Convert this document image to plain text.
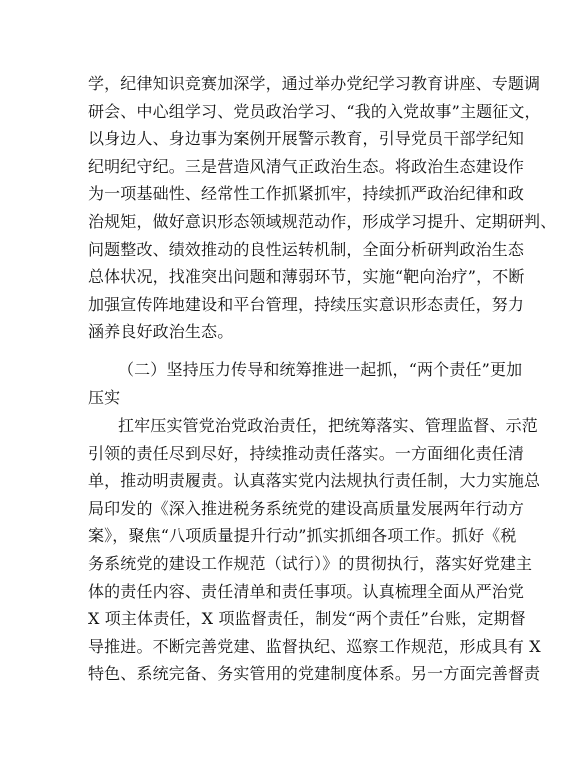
学，纪律知识竞赛加深学，通过举办党纪学习教育讲座、专题调
研会、中心组学习、党员政治学习、“我的入党故事”主题征文，
以身边人、身边事为案例开展警示教育，引导党员干部学纪知
纪明纪守纪。三是营造风清气正政治生态。将政治生态建设作
为一项基础性、经常性工作抓紧抓牢，持续抓严政治纪律和政
治规矩，做好意识形态领域规范动作，形成学习提升、定期研判、
问题整改、绩效推动的良性运转机制，全面分析研判政治生态
总体状况，找准突出问题和薄弱环节，实施“靶向治疗”，不断
加强宣传阵地建设和平台管理，持续压实意识形态责任，努力
涵养良好政治生态。
（二）坚持压力传导和统筹推进一起抓，“两个责任”更加
压实
扛牢压实管党治党政治责任，把统筹落实、管理监督、示范
引领的责任尽到尽好，持续推动责任落实。一方面细化责任清
单，推动明责履责。认真落实党内法规执行责任制，大力实施总
局印发的《深入推进税务系统党的建设高质量发展两年行动方
案》，聚焦“八项质量提升行动”抓实抓细各项工作。抓好《税
务系统党的建设工作规范（试行）》的贯彻执行，落实好党建主
体的责任内容、责任清单和责任事项。认真梳理全面从严治党
X 项主体责任，X 项监督责任，制发“两个责任”台账，定期督
导推进。不断完善党建、监督执纪、巡察工作规范，形成具有 X
特色、系统完备、务实管用的党建制度体系。另一方面完善督责
